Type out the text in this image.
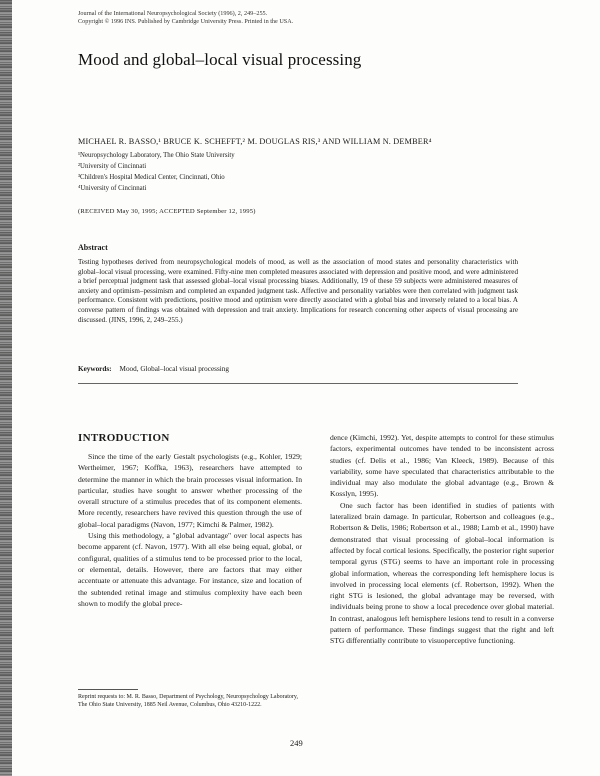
Journal of the International Neuropsychological Society (1996), 2, 249–255.
Copyright © 1996 INS. Published by Cambridge University Press. Printed in the USA.
Mood and global–local visual processing
MICHAEL R. BASSO,¹ BRUCE K. SCHEFFT,² M. DOUGLAS RIS,³ AND WILLIAM N. DEMBER⁴
¹Neuropsychology Laboratory, The Ohio State University
²University of Cincinnati
³Children's Hospital Medical Center, Cincinnati, Ohio
⁴University of Cincinnati
(RECEIVED May 30, 1995; ACCEPTED September 12, 1995)
Abstract
Testing hypotheses derived from neuropsychological models of mood, as well as the association of mood states and personality characteristics with global–local visual processing, were examined. Fifty-nine men completed measures associated with depression and positive mood, and were administered a brief perceptual judgment task that assessed global–local visual processing biases. Additionally, 19 of these 59 subjects were administered measures of anxiety and optimism–pessimism and completed an expanded judgment task. Affective and personality variables were then correlated with judgment task performance. Consistent with predictions, positive mood and optimism were directly associated with a global bias and inversely related to a local bias. A converse pattern of findings was obtained with depression and trait anxiety. Implications for research concerning other aspects of visual processing are discussed. (JINS, 1996, 2, 249–255.)
Keywords: Mood, Global–local visual processing
INTRODUCTION

Since the time of the early Gestalt psychologists (e.g., Kohler, 1929; Wertheimer, 1967; Koffka, 1963), researchers have attempted to determine the manner in which the brain processes visual information. In particular, studies have sought to answer whether processing of the overall structure of a stimulus precedes that of its component elements. More recently, researchers have revived this question through the use of global–local paradigms (Navon, 1977; Kimchi & Palmer, 1982).

Using this methodology, a "global advantage" over local aspects has become apparent (cf. Navon, 1977). With all else being equal, global, or configural, qualities of a stimulus tend to be processed prior to the local, or elemental, details. However, there are factors that may either accentuate or attenuate this advantage. For instance, size and location of the subtended retinal image and stimulus complexity have each been shown to modify the global prece-

dence (Kimchi, 1992). Yet, despite attempts to control for these stimulus factors, experimental outcomes have tended to be inconsistent across studies (cf. Delis et al., 1986; Van Kleeck, 1989). Because of this variability, some have speculated that characteristics attributable to the individual may also modulate the global advantage (e.g., Brown & Kosslyn, 1995).

One such factor has been identified in studies of patients with lateralized brain damage. In particular, Robertson and colleagues (e.g., Robertson & Delis, 1986; Robertson et al., 1988; Lamb et al., 1990) have demonstrated that visual processing of global–local information is affected by focal cortical lesions. Specifically, the posterior right superior temporal gyrus (STG) seems to have an important role in processing global information, whereas the corresponding left hemisphere locus is involved in processing local elements (cf. Robertson, 1992). When the right STG is lesioned, the global advantage may be reversed, with individuals being prone to show a local precedence over global material. In contrast, analogous left hemisphere lesions tend to result in a converse pattern of performance. These findings suggest that the right and left STG differentially contribute to visuoperceptive functioning.

Reprint requests to: M. R. Basso, Department of Psychology, Neuropsychology Laboratory, The Ohio State University, 1885 Neil Avenue, Columbus, Ohio 43210-1222.
249
